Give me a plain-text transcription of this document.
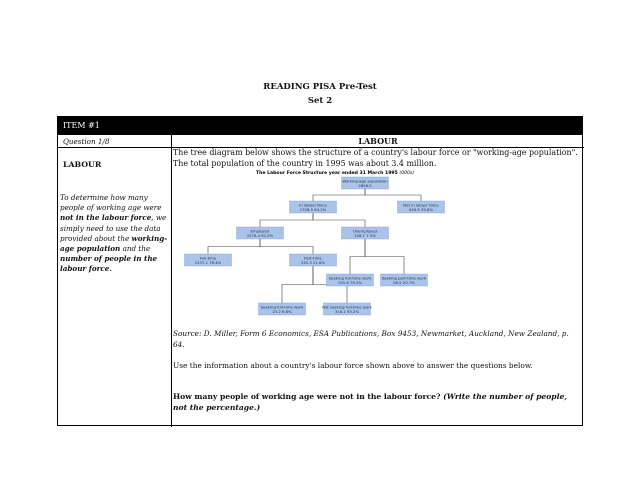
READING PISA Pre-Test
Set 2
ITEM #1
Question 1/8
LABOUR
To determine how many people of working age were not in the labour force, we simply need to use the data provided about the working-age population and the number of people in the labour force.
LABOUR
The tree diagram below shows the structure of a country's labour force or "working-age population". The total population of the country in 1995 was about 3.4 million.
The Labour Force Structure year ended 31 March 1995 (000s)
Working-age population
2656.5
In labour force
1706.5 64.2%
Not in labour force
949.9 35.8%
Employed
1578.4 92.5%
Unemployed
128.1 7.5%
Full-time
1237.1 78.4%
Part-time
341.3 21.6%
Seeking full-time work
101.6 79.3%
Seeking part-time work
26.5 20.7%
Seeking full-time work
23.2 6.8%
Not seeking full-time work
318.1 93.2%
Source: D. Miller, Form 6 Economics, ESA Publications, Box 9453, Newmarket, Auckland, New Zealand, p. 64.
Use the information about a country's labour force shown above to answer the questions below.
How many people of working age were not in the labour force? (Write the number of people, not the percentage.)
